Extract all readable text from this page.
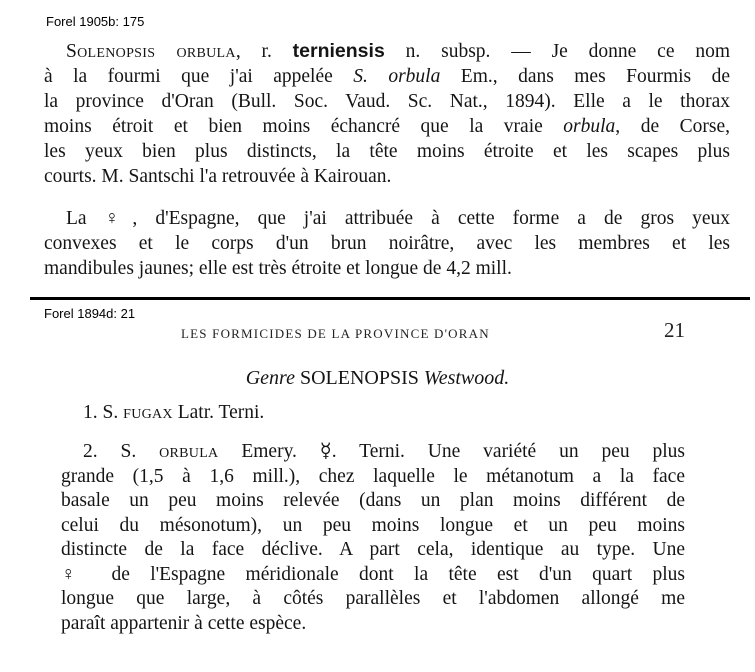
Forel 1905b: 175
Solenopsis orbula, r. terniensis n. subsp. — Je donne ce nom
à la fourmi que j'ai appelée S. orbula Em., dans mes Fourmis de
la province d'Oran (Bull. Soc. Vaud. Sc. Nat., 1894). Elle a le thorax
moins étroit et bien moins échancré que la vraie orbula, de Corse,
les yeux bien plus distincts, la tête moins étroite et les scapes plus
courts. M. Santschi l'a retrouvée à Kairouan.
La ♀, d'Espagne, que j'ai attribuée à cette forme a de gros yeux
convexes et le corps d'un brun noirâtre, avec les membres et les
mandibules jaunes; elle est très étroite et longue de 4,2 mill.
Forel 1894d: 21
LES FORMICIDES DE LA PROVINCE D'ORAN	21
Genre SOLENOPSIS Westwood.
1. S. fugax Latr. Terni.
2. S. orbula Emery. ☿. Terni. Une variété un peu plus
grande (1,5 à 1,6 mill.), chez laquelle le métanotum a la face
basale un peu moins relevée (dans un plan moins différent de
celui du mésonotum), un peu moins longue et un peu moins
distincte de la face déclive. A part cela, identique au type. Une
♀ de l'Espagne méridionale dont la tête est d'un quart plus
longue que large, à côtés parallèles et l'abdomen allongé me
paraît appartenir à cette espèce.
